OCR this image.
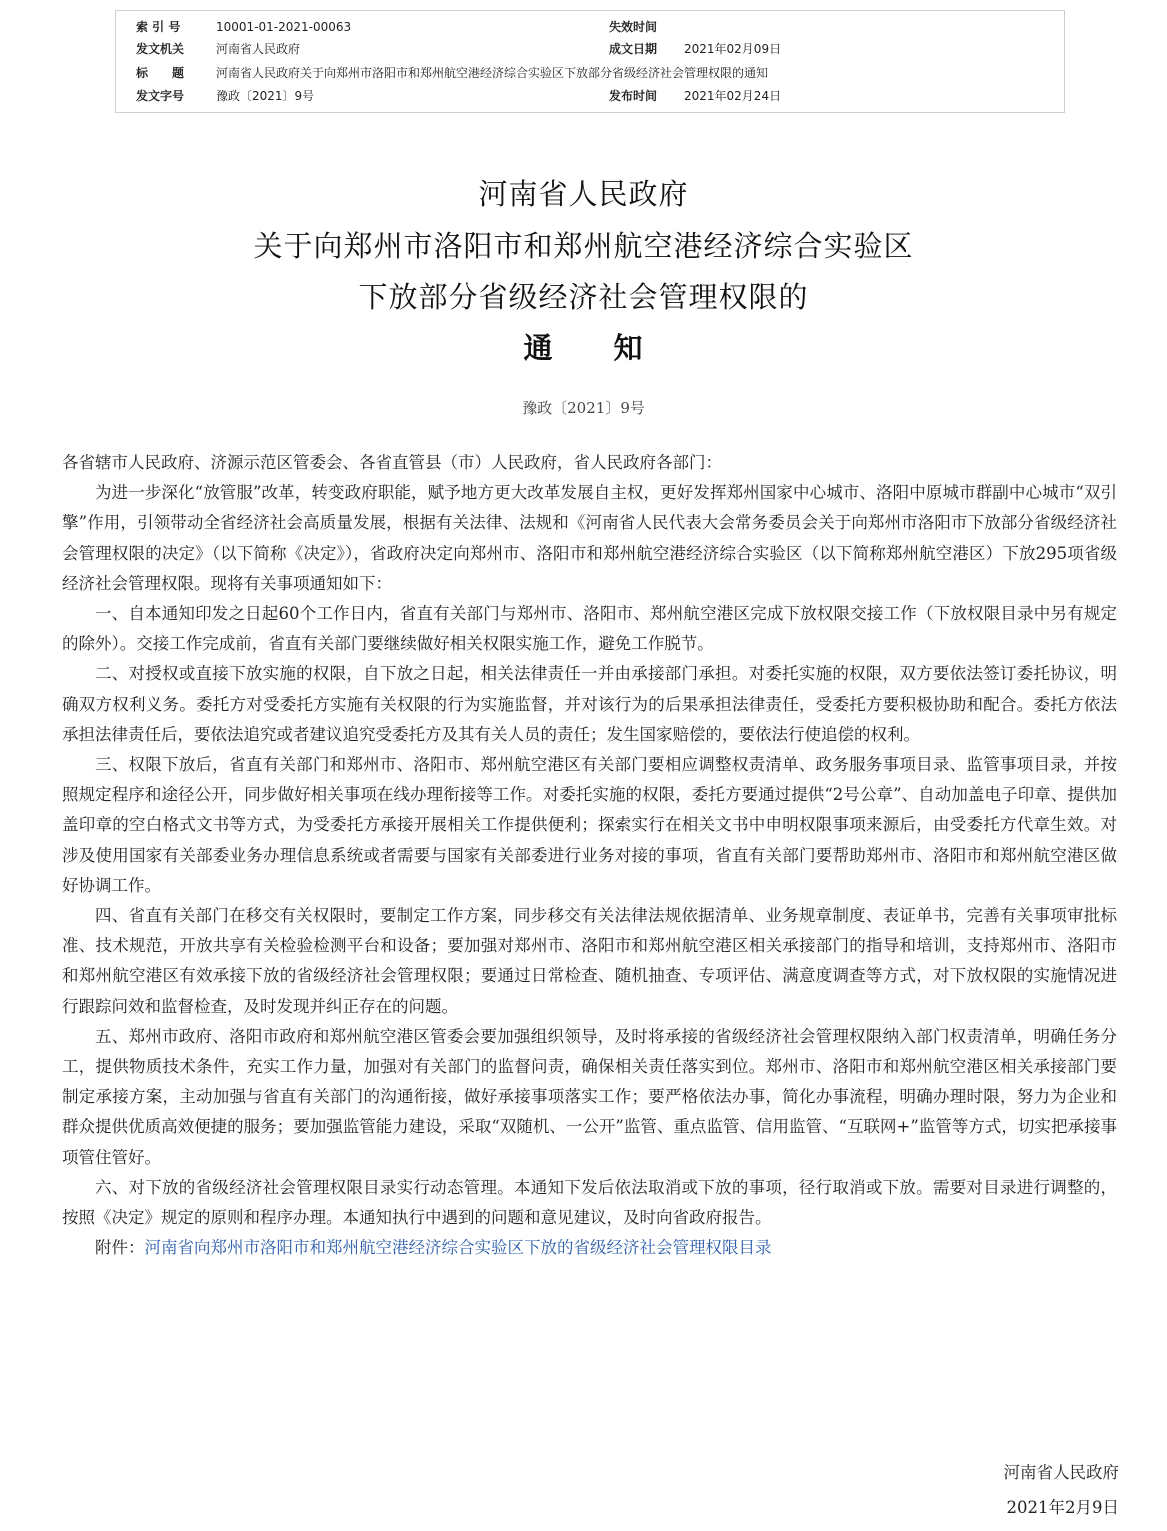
索 引 号	10001-01-2021-00063	失效时间
发文机关	河南省人民政府	成文日期 2021年02月09日
标　　题	河南省人民政府关于向郑州市洛阳市和郑州航空港经济综合实验区下放部分省级经济社会管理权限的通知
发文字号	豫政〔2021〕9号	发布时间 2021年02月24日
河南省人民政府
关于向郑州市洛阳市和郑州航空港经济综合实验区
下放部分省级经济社会管理权限的
通　　知
豫政〔2021〕9号

各省辖市人民政府、济源示范区管委会、各省直管县（市）人民政府，省人民政府各部门：

为进一步深化“放管服”改革，转变政府职能，赋予地方更大改革发展自主权，更好发挥郑州国家中心城市、洛阳中原城市群副中心城市“双引擎”作用，引领带动全省经济社会高质量发展，根据有关法律、法规和《河南省人民代表大会常务委员会关于向郑州市洛阳市下放部分省级经济社会管理权限的决定》（以下简称《决定》），省政府决定向郑州市、洛阳市和郑州航空港经济综合实验区（以下简称郑州航空港区）下放295项省级经济社会管理权限。现将有关事项通知如下：

一、自本通知印发之日起60个工作日内，省直有关部门与郑州市、洛阳市、郑州航空港区完成下放权限交接工作（下放权限目录中另有规定的除外）。交接工作完成前，省直有关部门要继续做好相关权限实施工作，避免工作脱节。

二、对授权或直接下放实施的权限，自下放之日起，相关法律责任一并由承接部门承担。对委托实施的权限，双方要依法签订委托协议，明确双方权利义务。委托方对受委托方实施有关权限的行为实施监督，并对该行为的后果承担法律责任，受委托方要积极协助和配合。委托方依法承担法律责任后，要依法追究或者建议追究受委托方及其有关人员的责任；发生国家赔偿的，要依法行使追偿的权利。

三、权限下放后，省直有关部门和郑州市、洛阳市、郑州航空港区有关部门要相应调整权责清单、政务服务事项目录、监管事项目录，并按照规定程序和途径公开，同步做好相关事项在线办理衔接等工作。对委托实施的权限，委托方要通过提供“2号公章”、自动加盖电子印章、提供加盖印章的空白格式文书等方式，为受委托方承接开展相关工作提供便利；探索实行在相关文书中申明权限事项来源后，由受委托方代章生效。对涉及使用国家有关部委业务办理信息系统或者需要与国家有关部委进行业务对接的事项，省直有关部门要帮助郑州市、洛阳市和郑州航空港区做好协调工作。

四、省直有关部门在移交有关权限时，要制定工作方案，同步移交有关法律法规依据清单、业务规章制度、表证单书，完善有关事项审批标准、技术规范，开放共享有关检验检测平台和设备；要加强对郑州市、洛阳市和郑州航空港区相关承接部门的指导和培训，支持郑州市、洛阳市和郑州航空港区有效承接下放的省级经济社会管理权限；要通过日常检查、随机抽查、专项评估、满意度调查等方式，对下放权限的实施情况进行跟踪问效和监督检查，及时发现并纠正存在的问题。

五、郑州市政府、洛阳市政府和郑州航空港区管委会要加强组织领导，及时将承接的省级经济社会管理权限纳入部门权责清单，明确任务分工，提供物质技术条件，充实工作力量，加强对有关部门的监督问责，确保相关责任落实到位。郑州市、洛阳市和郑州航空港区相关承接部门要制定承接方案，主动加强与省直有关部门的沟通衔接，做好承接事项落实工作；要严格依法办事，简化办事流程，明确办理时限，努力为企业和群众提供优质高效便捷的服务；要加强监管能力建设，采取“双随机、一公开”监管、重点监管、信用监管、“互联网+”监管等方式，切实把承接事项管住管好。

六、对下放的省级经济社会管理权限目录实行动态管理。本通知下发后依法取消或下放的事项，径行取消或下放。需要对目录进行调整的，按照《决定》规定的原则和程序办理。本通知执行中遇到的问题和意见建议，及时向省政府报告。

附件：河南省向郑州市洛阳市和郑州航空港经济综合实验区下放的省级经济社会管理权限目录

河南省人民政府
2021年2月9日
